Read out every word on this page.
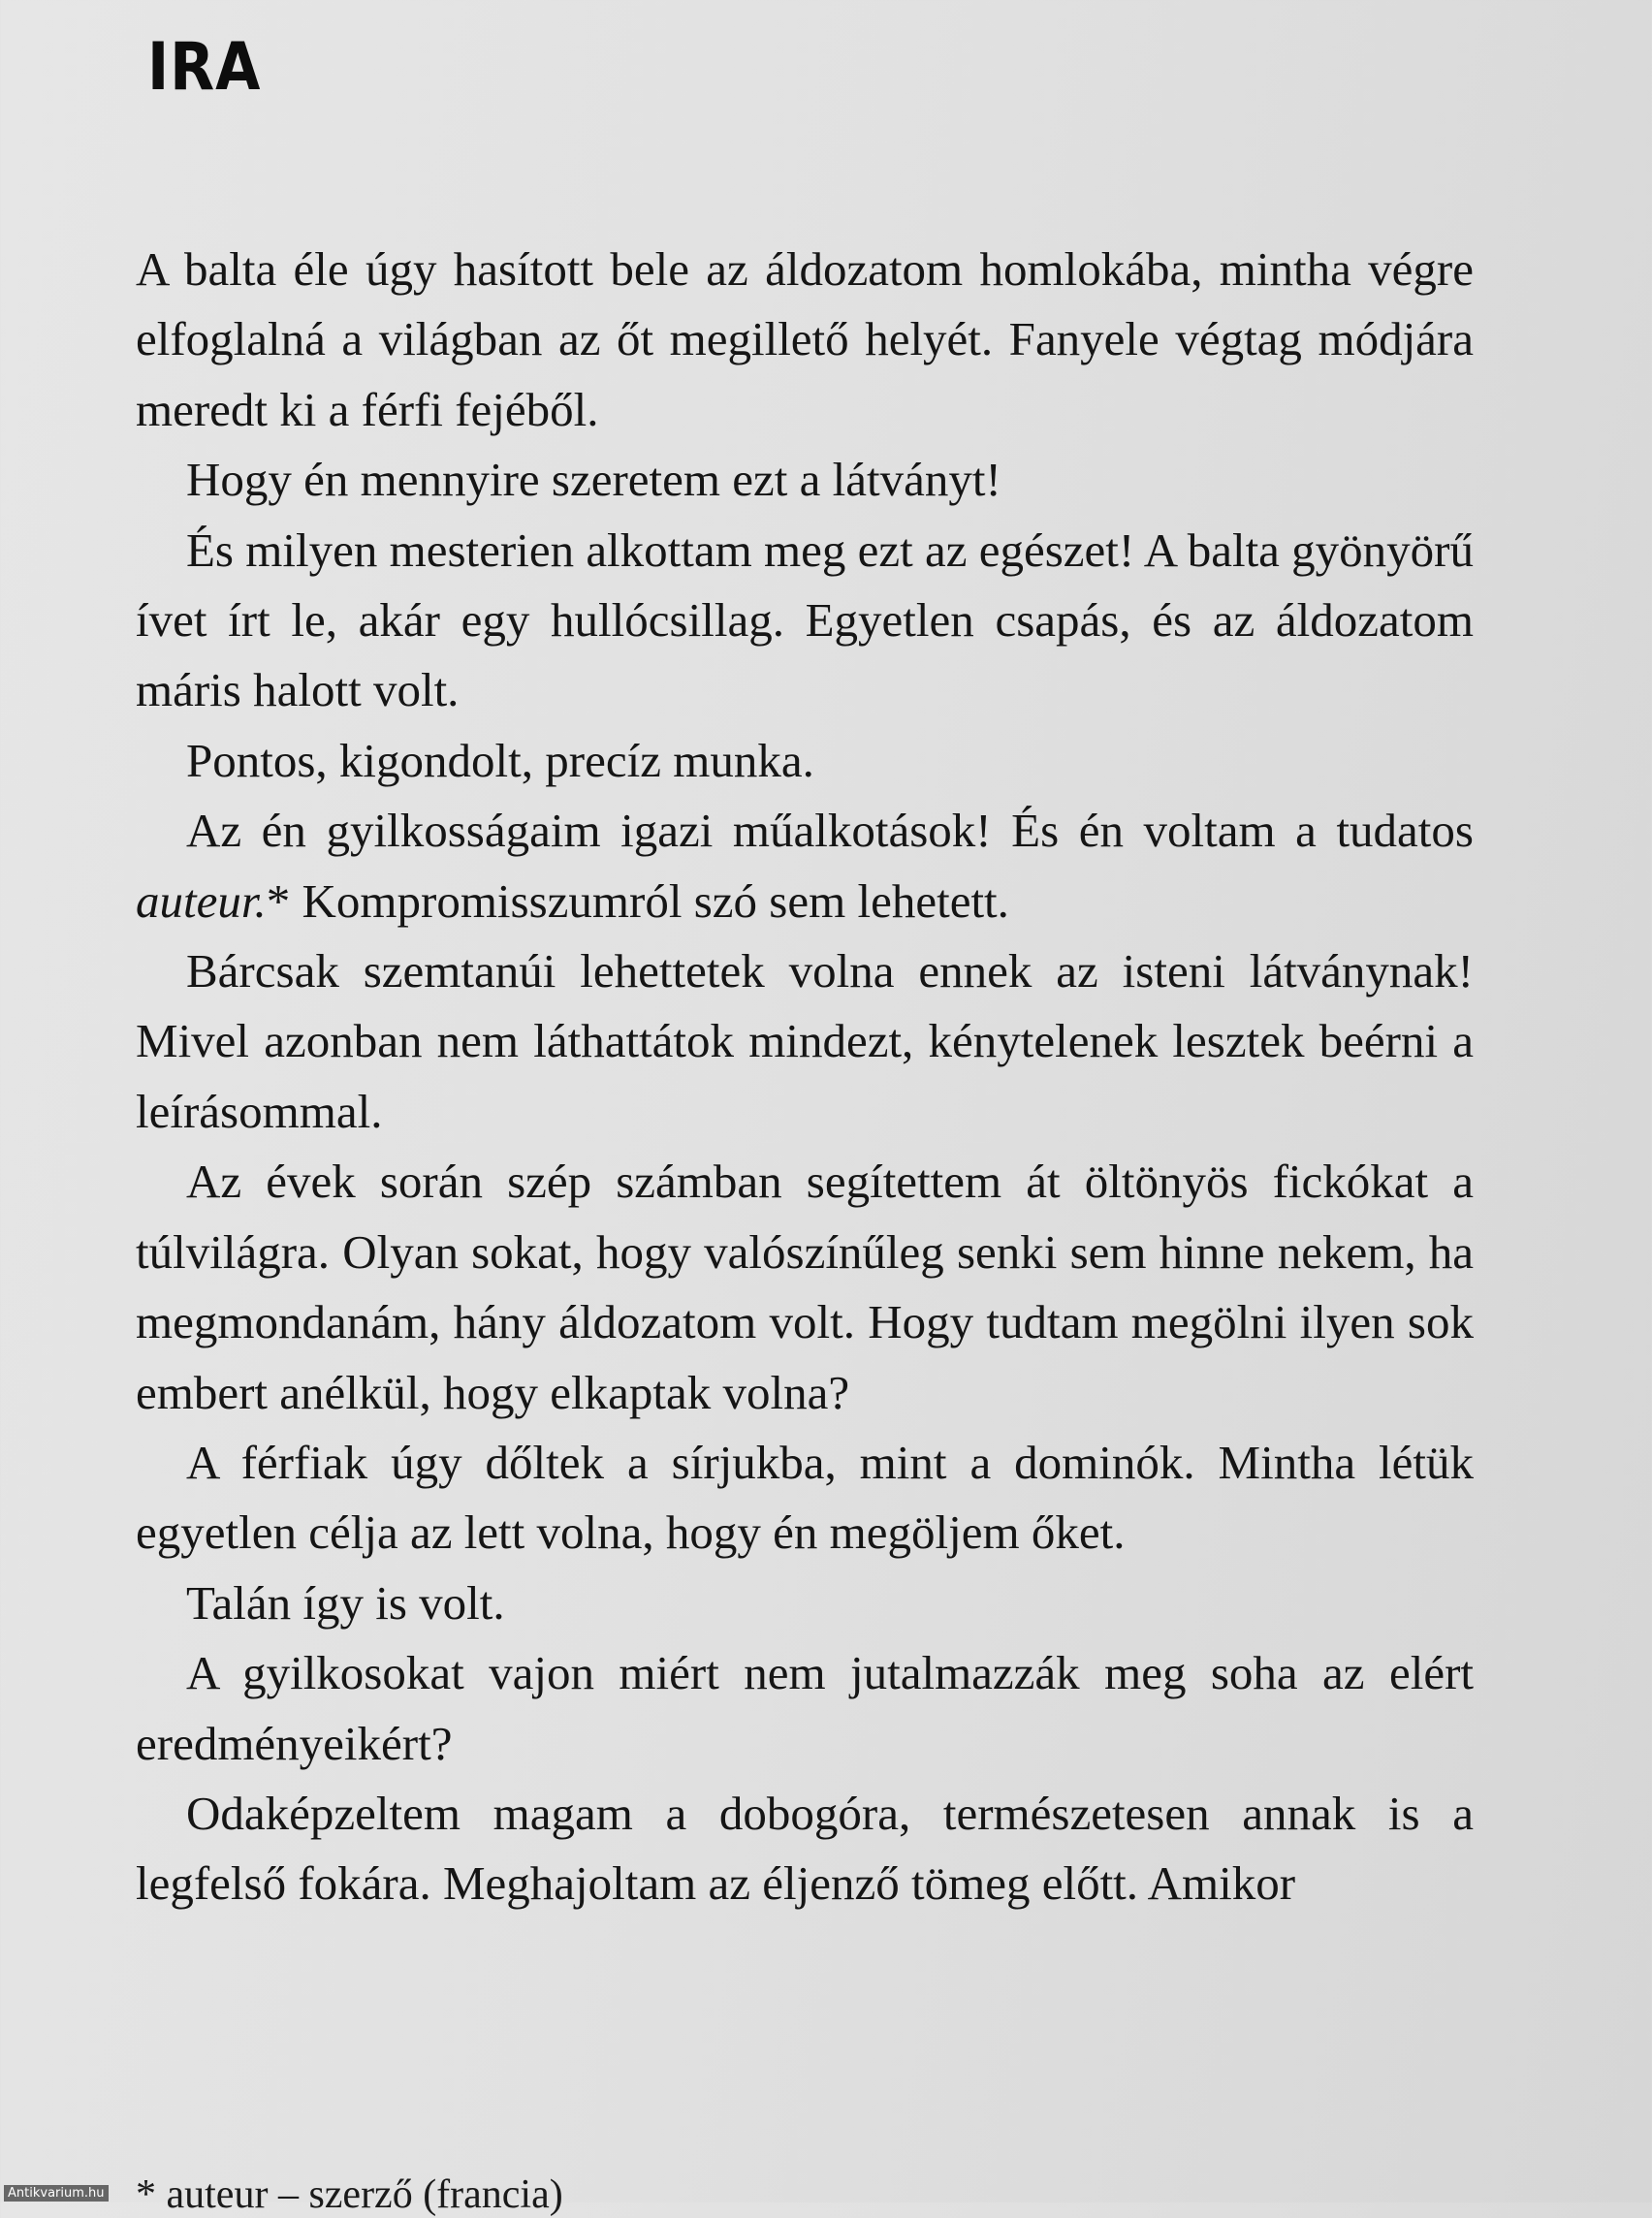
IRA

A balta éle úgy hasított bele az áldozatom homlokába, mintha végre elfoglalná a világban az őt megillető helyét. Fanyele végtag módjára meredt ki a férfi fejéből.

Hogy én mennyire szeretem ezt a látványt!

És milyen mesterien alkottam meg ezt az egészet! A balta gyönyörű ívet írt le, akár egy hullócsillag. Egyetlen csapás, és az áldozatom máris halott volt.

Pontos, kigondolt, precíz munka.

Az én gyilkosságaim igazi műalkotások! És én voltam a tudatos auteur.* Kompromisszumról szó sem lehetett.

Bárcsak szemtanúi lehettetek volna ennek az isteni látványnak! Mivel azonban nem láthattátok mindezt, kénytelenek lesztek beérni a leírásommal.

Az évek során szép számban segítettem át öltönyös fickókat a túlvilágra. Olyan sokat, hogy valószínűleg senki sem hinne nekem, ha megmondanám, hány áldozatom volt. Hogy tudtam megölni ilyen sok embert anélkül, hogy elkaptak volna?

A férfiak úgy dőltek a sírjukba, mint a dominók. Mintha létük egyetlen célja az lett volna, hogy én megöljem őket.

Talán így is volt.

A gyilkosokat vajon miért nem jutalmazzák meg soha az elért eredményeikért?

Odaképzeltem magam a dobogóra, természetesen annak is a legfelső fokára. Meghajoltam az éljenző tömeg előtt. Amikor

* auteur – szerző (francia)
Antikvarium.hu
